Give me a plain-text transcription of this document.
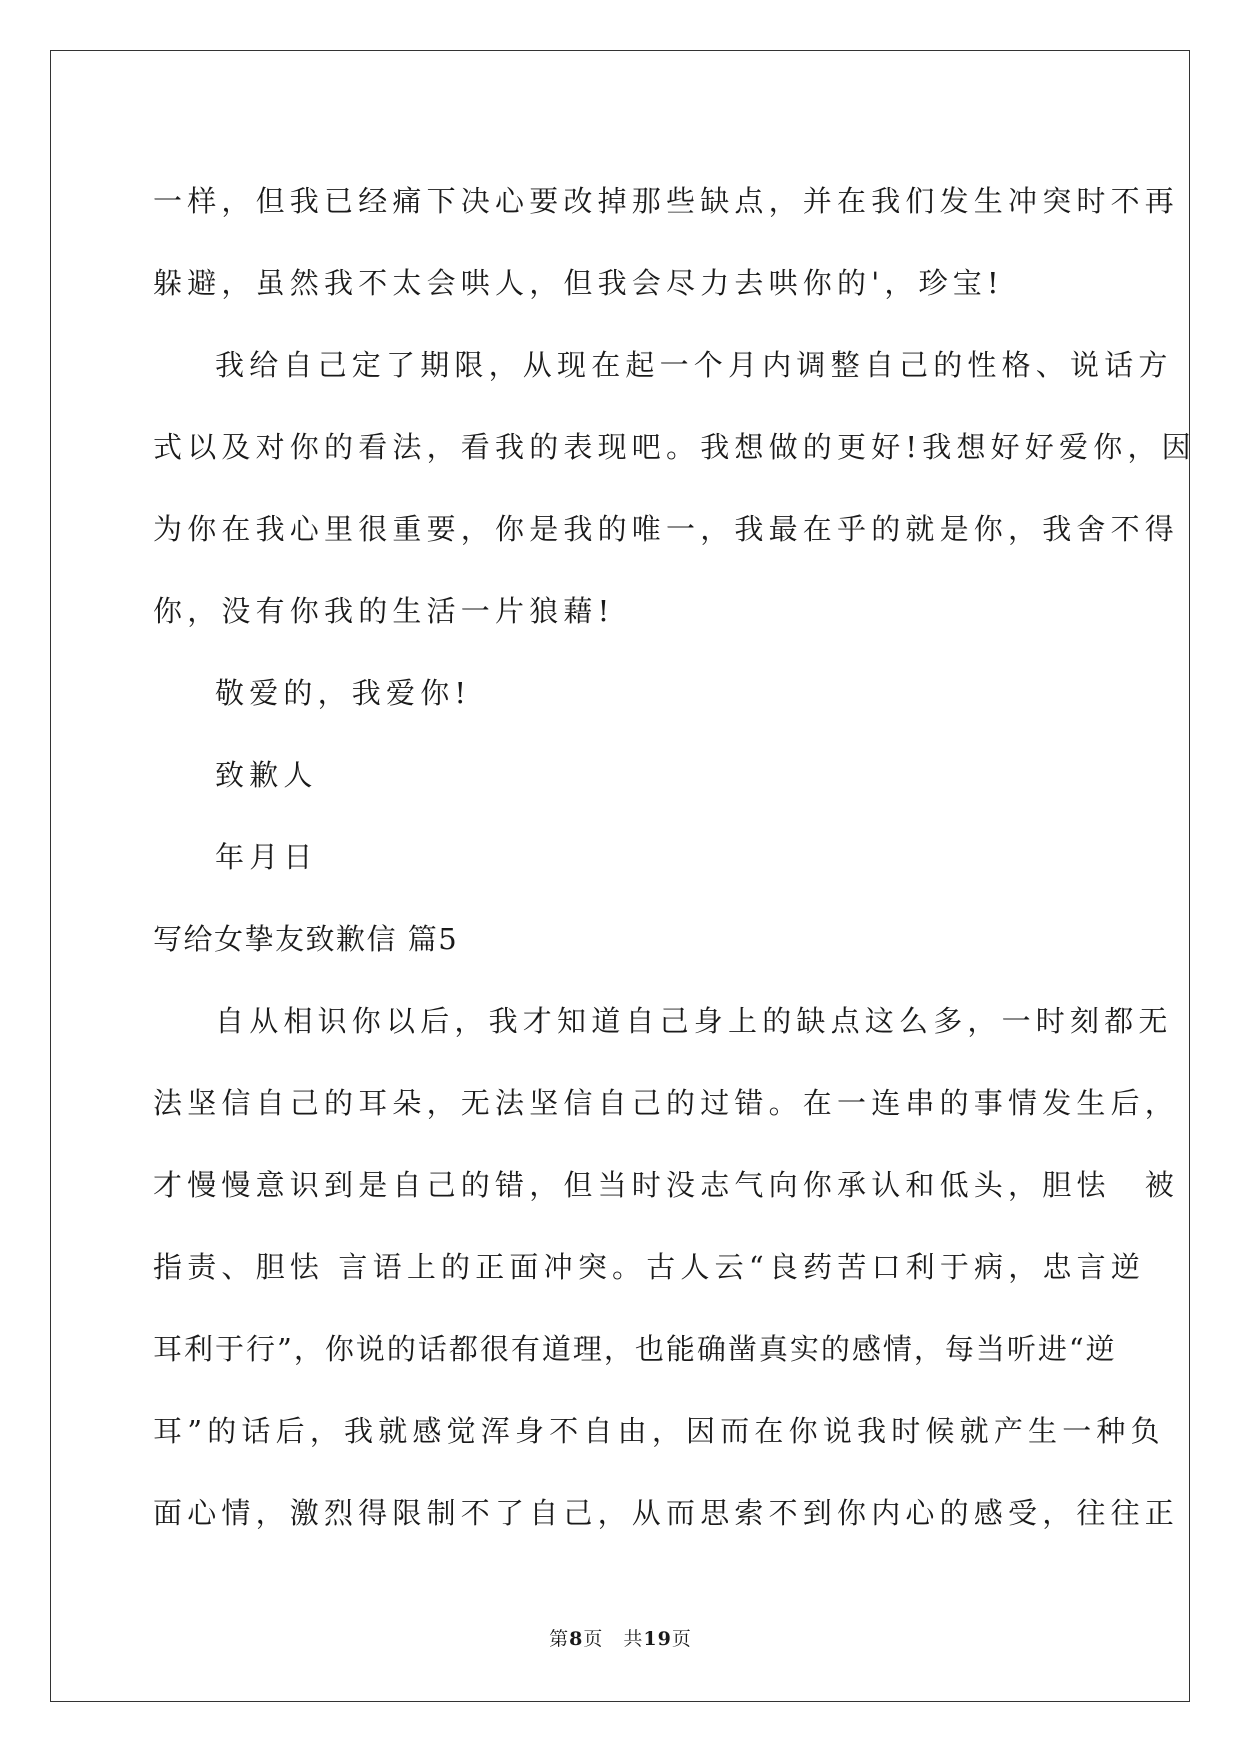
一样，但我已经痛下决心要改掉那些缺点，并在我们发生冲突时不再
躲避，虽然我不太会哄人，但我会尽力去哄你的'，珍宝!
我给自己定了期限，从现在起一个月内调整自己的性格、说话方
式以及对你的看法，看我的表现吧。我想做的更好!我想好好爱你，因
为你在我心里很重要，你是我的唯一，我最在乎的就是你，我舍不得
你，没有你我的生活一片狼藉!
敬爱的，我爱你!
致歉人
年月日
写给女挚友致歉信 篇5
自从相识你以后，我才知道自己身上的缺点这么多，一时刻都无
法坚信自己的耳朵，无法坚信自己的过错。在一连串的事情发生后，
才慢慢意识到是自己的错，但当时没志气向你承认和低头，胆怯　被
指责、胆怯 言语上的正面冲突。古人云“良药苦口利于病，忠言逆
耳利于行”，你说的话都很有道理，也能确凿真实的感情，每当听进“逆
耳”的话后，我就感觉浑身不自由，因而在你说我时候就产生一种负
面心情，激烈得限制不了自己，从而思索不到你内心的感受，往往正
第8页　共19页
